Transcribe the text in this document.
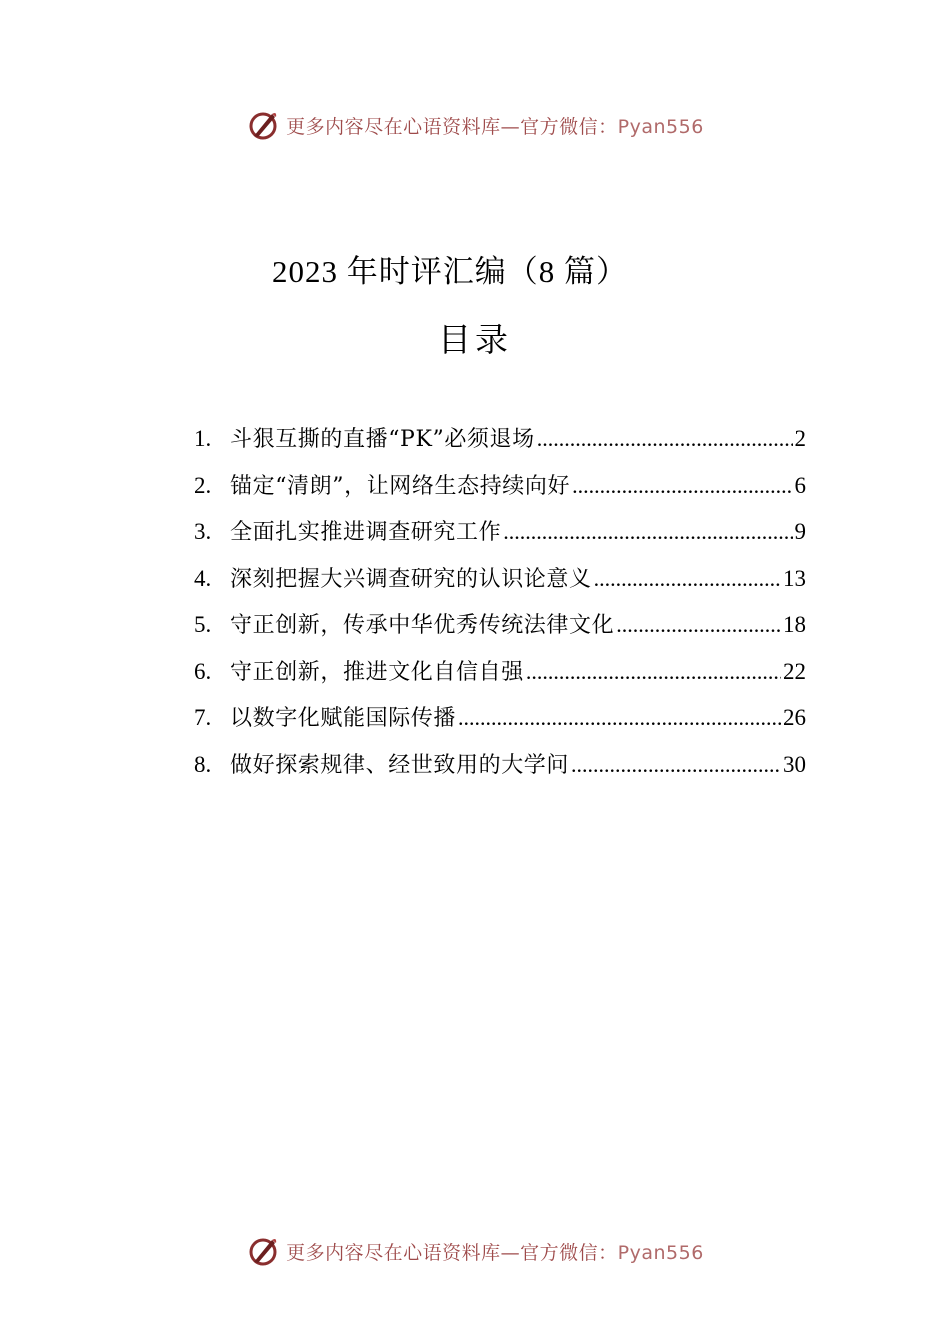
更多内容尽在心语资料库—官方微信：Pyan556
2023 年时评汇编（8 篇）
目录
1. 斗狠互撕的直播“PK”必须退场 .....	2
2. 锚定“清朗”，让网络生态持续向好 .....	6
3. 全面扎实推进调查研究工作 .....	9
4. 深刻把握大兴调查研究的认识论意义 .....	13
5. 守正创新，传承中华优秀传统法律文化 .....	18
6. 守正创新，推进文化自信自强 .....	22
7. 以数字化赋能国际传播 .....	26
8. 做好探索规律、经世致用的大学问 .....	30
更多内容尽在心语资料库—官方微信：Pyan556
